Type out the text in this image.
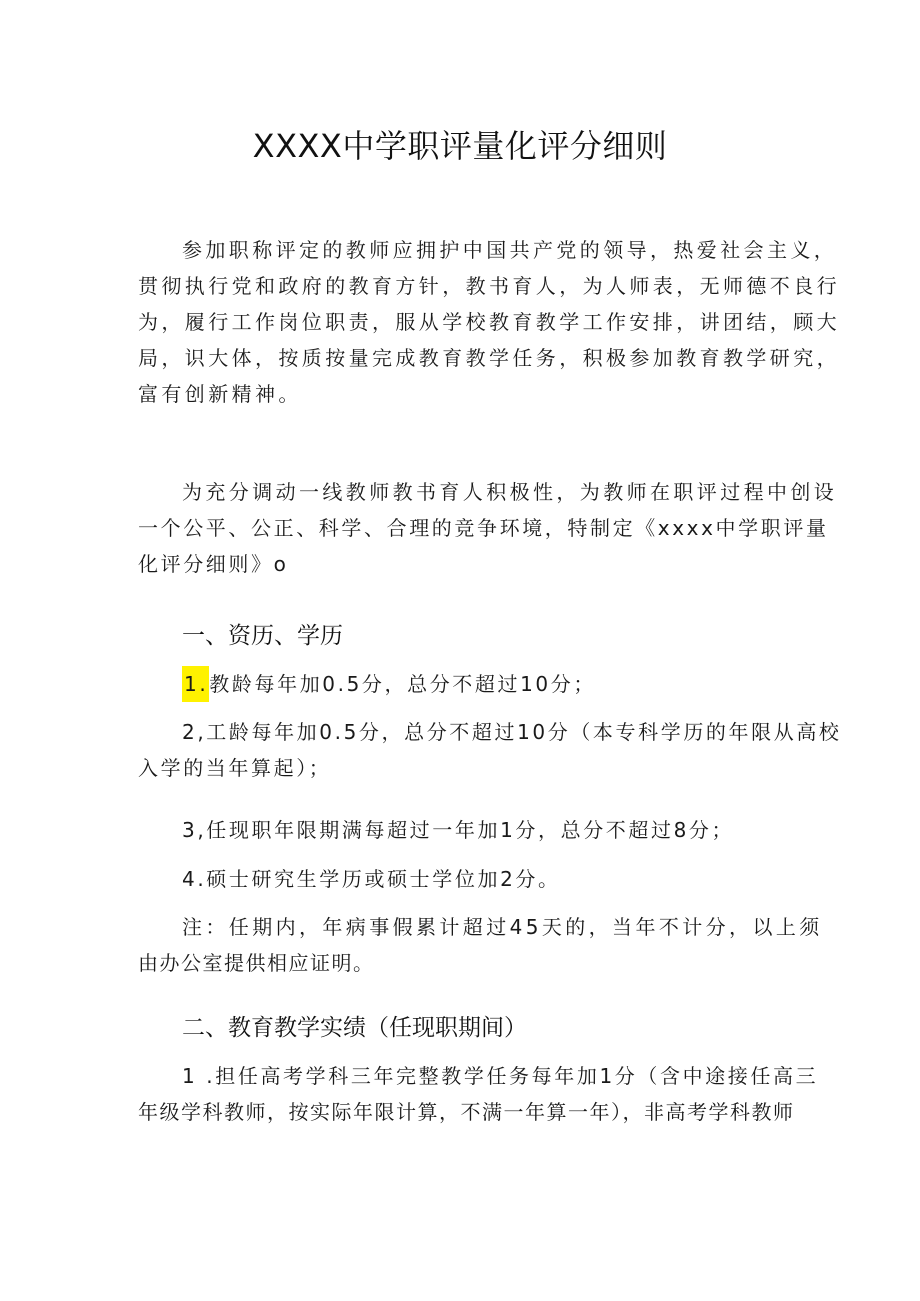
XXXX中学职评量化评分细则
参加职称评定的教师应拥护中国共产党的领导，热爱社会主义，
贯彻执行党和政府的教育方针，教书育人，为人师表，无师德不良行
为，履行工作岗位职责，服从学校教育教学工作安排，讲团结，顾大
局，识大体，按质按量完成教育教学任务，积极参加教育教学研究，
富有创新精神。
为充分调动一线教师教书育人积极性，为教师在职评过程中创设
一个公平、公正、科学、合理的竞争环境，特制定《xxxx中学职评量
化评分细则》o
一、资历、学历
1.教龄每年加0.5分，总分不超过10分；
2,工龄每年加0.5分，总分不超过10分（本专科学历的年限从高校
入学的当年算起）；
3,任现职年限期满每超过一年加1分，总分不超过8分；
4.硕士研究生学历或硕士学位加2分。
注：任期内，年病事假累计超过45天的，当年不计分，以上须
由办公室提供相应证明。
二、教育教学实绩（任现职期间）
1 .担任高考学科三年完整教学任务每年加1分（含中途接任高三
年级学科教师，按实际年限计算，不满一年算一年），非高考学科教师
